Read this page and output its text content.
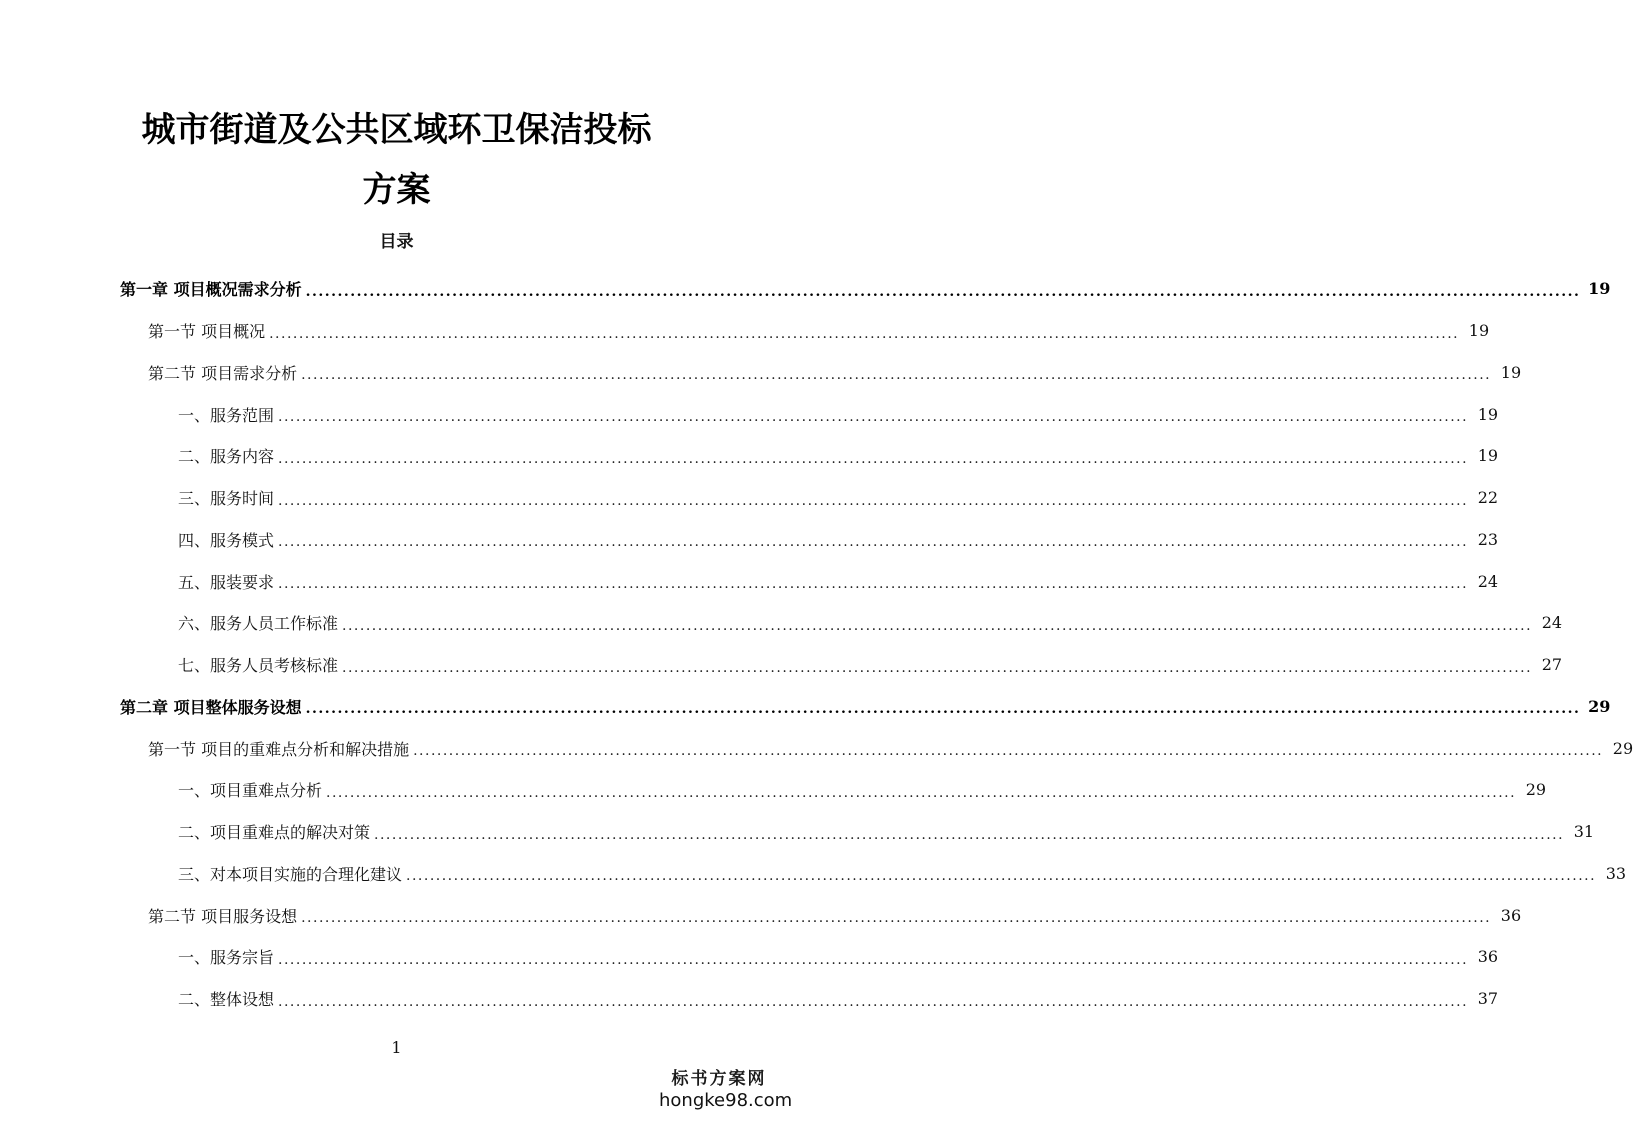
城市街道及公共区域环卫保洁投标
方案
目录
第一章 项目概况需求分析 ........................................................................................................................................................................................................ 19
第一节 项目概况 ........................................................................................................................................................................................................ 19
第二节 项目需求分析 ........................................................................................................................................................................................................ 19
一、服务范围 ........................................................................................................................................................................................................ 19
二、服务内容 ........................................................................................................................................................................................................ 19
三、服务时间 ........................................................................................................................................................................................................ 22
四、服务模式 ........................................................................................................................................................................................................ 23
五、服装要求 ........................................................................................................................................................................................................ 24
六、服务人员工作标准 ........................................................................................................................................................................................................ 24
七、服务人员考核标准 ........................................................................................................................................................................................................ 27
第二章 项目整体服务设想 ........................................................................................................................................................................................................ 29
第一节 项目的重难点分析和解决措施 ........................................................................................................................................................................................................ 29
一、项目重难点分析 ........................................................................................................................................................................................................ 29
二、项目重难点的解决对策 ........................................................................................................................................................................................................ 31
三、对本项目实施的合理化建议 ........................................................................................................................................................................................................ 33
第二节 项目服务设想 ........................................................................................................................................................................................................ 36
一、服务宗旨 ........................................................................................................................................................................................................ 36
二、整体设想 ........................................................................................................................................................................................................ 37
1
标书方案网
hongke98.com
